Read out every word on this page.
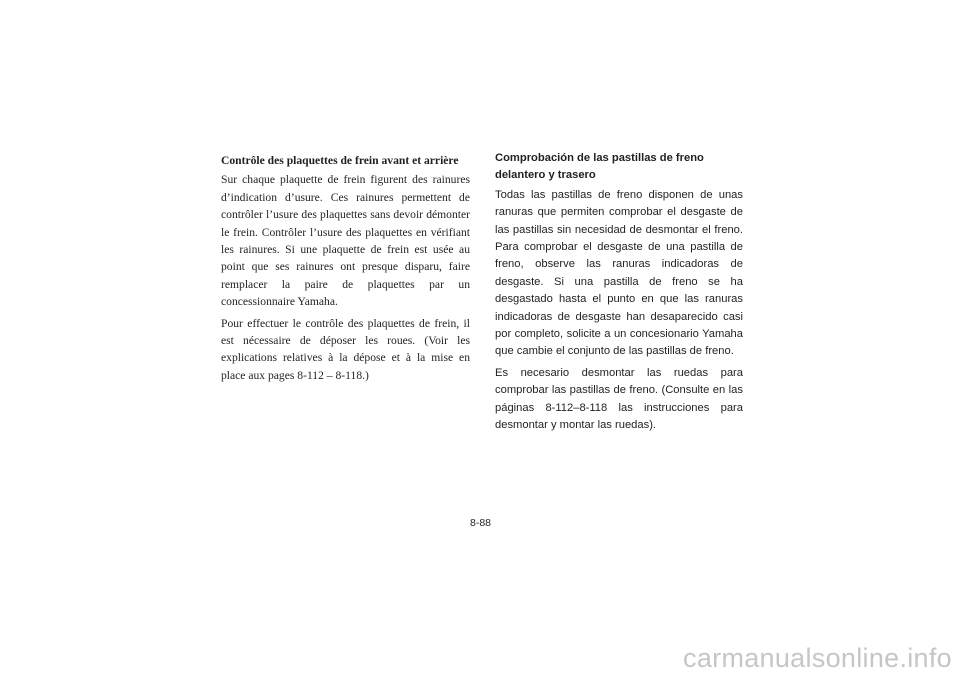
Contrôle des plaquettes de frein avant et arrière

Sur chaque plaquette de frein figurent des rainures d’indication d’usure. Ces rainures permettent de contrôler l’usure des plaquettes sans devoir démonter le frein. Contrôler l’usure des plaquettes en vérifiant les rainures. Si une plaquette de frein est usée au point que ses rainures ont presque disparu, faire remplacer la paire de plaquettes par un concessionnaire Yamaha.

Pour effectuer le contrôle des plaquettes de frein, il est nécessaire de déposer les roues. (Voir les explications relatives à la dépose et à la mise en place aux pages 8-112 – 8-118.)

Comprobación de las pastillas de freno delantero y trasero

Todas las pastillas de freno disponen de unas ranuras que permiten comprobar el desgaste de las pastillas sin necesidad de desmontar el freno. Para comprobar el desgaste de una pastilla de freno, observe las ranuras indicadoras de desgaste. Si una pastilla de freno se ha desgastado hasta el punto en que las ranuras indicadoras de desgaste han desaparecido casi por completo, solicite a un concesionario Yamaha que cambie el conjunto de las pastillas de freno.

Es necesario desmontar las ruedas para comprobar las pastillas de freno. (Consulte en las páginas 8-112–8-118 las instrucciones para desmontar y montar las ruedas).

8-88
carmanualsonline.info
